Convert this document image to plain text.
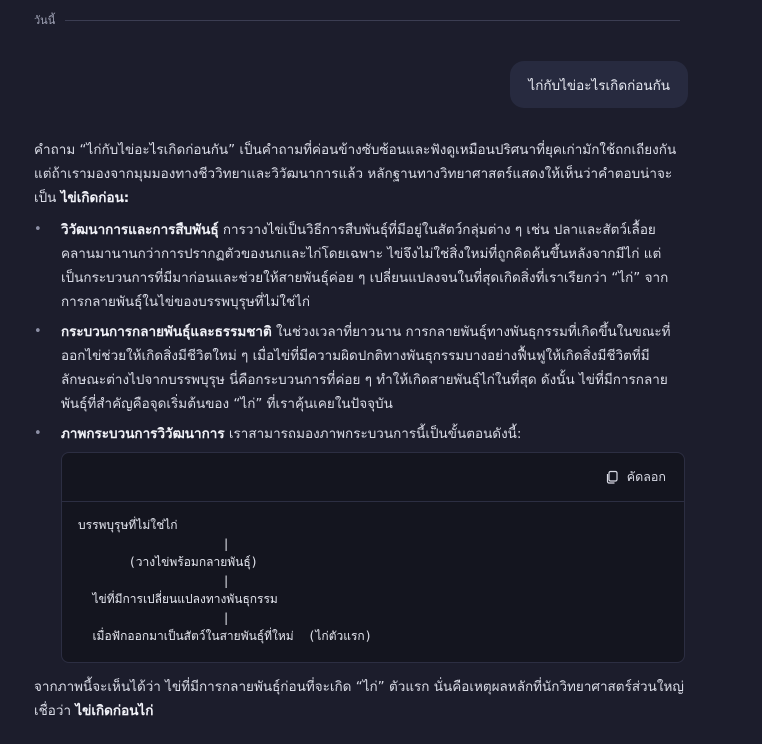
วันนี้
ไก่กับไข่อะไรเกิดก่อนกัน

คำถาม “ไก่กับไข่อะไรเกิดก่อนกัน” เป็นคำถามที่ค่อนข้างซับซ้อนและฟังดูเหมือนปริศนาที่ยุคเก่ามักใช้ถกเถียงกัน แต่ถ้าเรามองจากมุมมองทางชีววิทยาและวิวัฒนาการแล้ว หลักฐานทางวิทยาศาสตร์แสดงให้เห็นว่าคำตอบน่าจะเป็น ไข่เกิดก่อน:

• วิวัฒนาการและการสืบพันธุ์ การวางไข่เป็นวิธีการสืบพันธุ์ที่มีอยู่ในสัตว์กลุ่มต่าง ๆ เช่น ปลาและสัตว์เลื้อยคลานมานานกว่าการปรากฏตัวของนกและไก่โดยเฉพาะ ไข่จึงไม่ใช่สิ่งใหม่ที่ถูกคิดค้นขึ้นหลังจากมีไก่ แต่เป็นกระบวนการที่มีมาก่อนและช่วยให้สายพันธุ์ค่อย ๆ เปลี่ยนแปลงจนในที่สุดเกิดสิ่งที่เราเรียกว่า “ไก่” จากการกลายพันธุ์ในไข่ของบรรพบุรุษที่ไม่ใช่ไก่
• กระบวนการกลายพันธุ์และธรรมชาติ ในช่วงเวลาที่ยาวนาน การกลายพันธุ์ทางพันธุกรรมที่เกิดขึ้นในขณะที่ออกไข่ช่วยให้เกิดสิ่งมีชีวิตใหม่ ๆ เมื่อไข่ที่มีความผิดปกติทางพันธุกรรมบางอย่างฟื้นฟูให้เกิดสิ่งมีชีวิตที่มีลักษณะต่างไปจากบรรพบุรุษ นี่คือกระบวนการที่ค่อย ๆ ทำให้เกิดสายพันธุ์ไก่ในที่สุด ดังนั้น ไข่ที่มีการกลายพันธุ์ที่สำคัญคือจุดเริ่มต้นของ “ไก่” ที่เราคุ้นเคยในปัจจุบัน
• ภาพกระบวนการวิวัฒนาการ เราสามารถมองภาพกระบวนการนี้เป็นขั้นตอนดังนี้:
คัดลอก
บรรพบุรุษที่ไม่ใช่ไก่
|
(วางไข่พร้อมกลายพันธุ์)
|
ไข่ที่มีการเปลี่ยนแปลงทางพันธุกรรม
|
เมื่อฟักออกมาเป็นสัตว์ในสายพันธุ์ที่ใหม่  (ไก่ตัวแรก)

จากภาพนี้จะเห็นได้ว่า ไข่ที่มีการกลายพันธุ์ก่อนที่จะเกิด “ไก่” ตัวแรก นั่นคือเหตุผลหลักที่นักวิทยาศาสตร์ส่วนใหญ่เชื่อว่า ไข่เกิดก่อนไก่
